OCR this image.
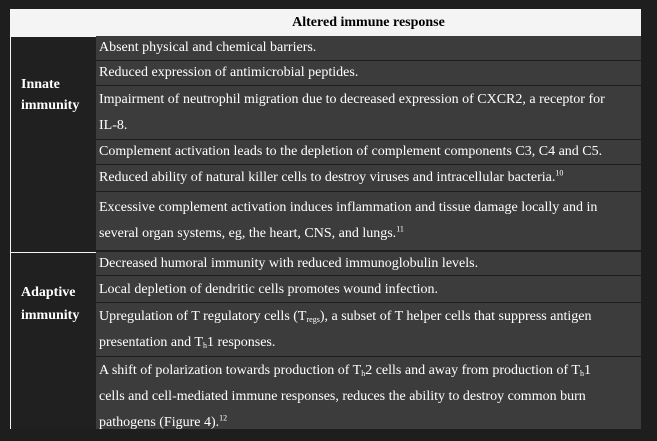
Altered immune response
Innate
immunity
Absent physical and chemical barriers.
Reduced expression of antimicrobial peptides.
Impairment of neutrophil migration due to decreased expression of CXCR2, a receptor for
IL-8.
Complement activation leads to the depletion of complement components C3, C4 and C5.
Reduced ability of natural killer cells to destroy viruses and intracellular bacteria.$^{10}$
Excessive complement activation induces inflammation and tissue damage locally and in
several organ systems, eg, the heart, CNS, and lungs.$^{11}$
Adaptive
immunity
Decreased humoral immunity with reduced immunoglobulin levels.
Local depletion of dendritic cells promotes wound infection.
Upregulation of T regulatory cells $(T_{regs})$, a subset of T helper cells that suppress antigen
presentation and $T_h1$ responses.
A shift of polarization towards production of $T_h2$ cells and away from production of $T_h1$
cells and cell-mediated immune responses, reduces the ability to destroy common burn
pathogens (Figure 4).$^{12}$
